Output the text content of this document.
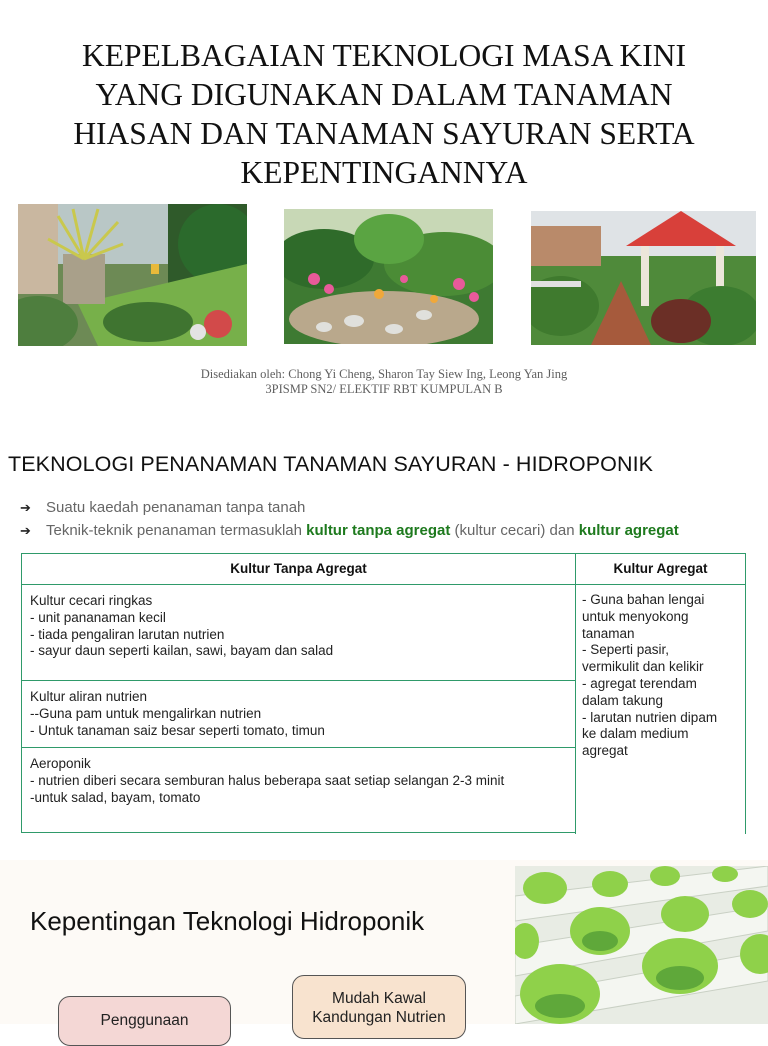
KEPELBAGAIAN TEKNOLOGI MASA KINI
YANG DIGUNAKAN DALAM TANAMAN
HIASAN DAN TANAMAN SAYURAN SERTA
KEPENTINGANNYA
Disediakan oleh: Chong Yi Cheng, Sharon Tay Siew Ing, Leong Yan Jing
3PISMP SN2/ ELEKTIF RBT KUMPULAN B
TEKNOLOGI PENANAMAN TANAMAN SAYURAN - HIDROPONIK
➔ Suatu kaedah penanaman tanpa tanah
➔ Teknik-teknik penanaman termasuklah kultur tanpa agregat (kultur cecari) dan kultur agregat
Kultur Tanpa Agregat	Kultur Agregat
Kultur cecari ringkas
- unit pananaman kecil
- tiada pengaliran larutan nutrien
- sayur daun seperti kailan, sawi, bayam dan salad
Kultur aliran nutrien
--Guna pam untuk mengalirkan nutrien
- Untuk tanaman saiz besar seperti tomato, timun
Aeroponik
- nutrien diberi secara semburan halus beberapa saat setiap selangan 2-3 minit
-untuk salad, bayam, tomato
- Guna bahan lengai
untuk menyokong
tanaman
- Seperti pasir,
vermikulit dan kelikir
- agregat terendam
dalam takung
- larutan nutrien dipam
ke dalam medium
agregat
Kepentingan Teknologi Hidroponik
Penggunaan
Mudah Kawal
Kandungan Nutrien
